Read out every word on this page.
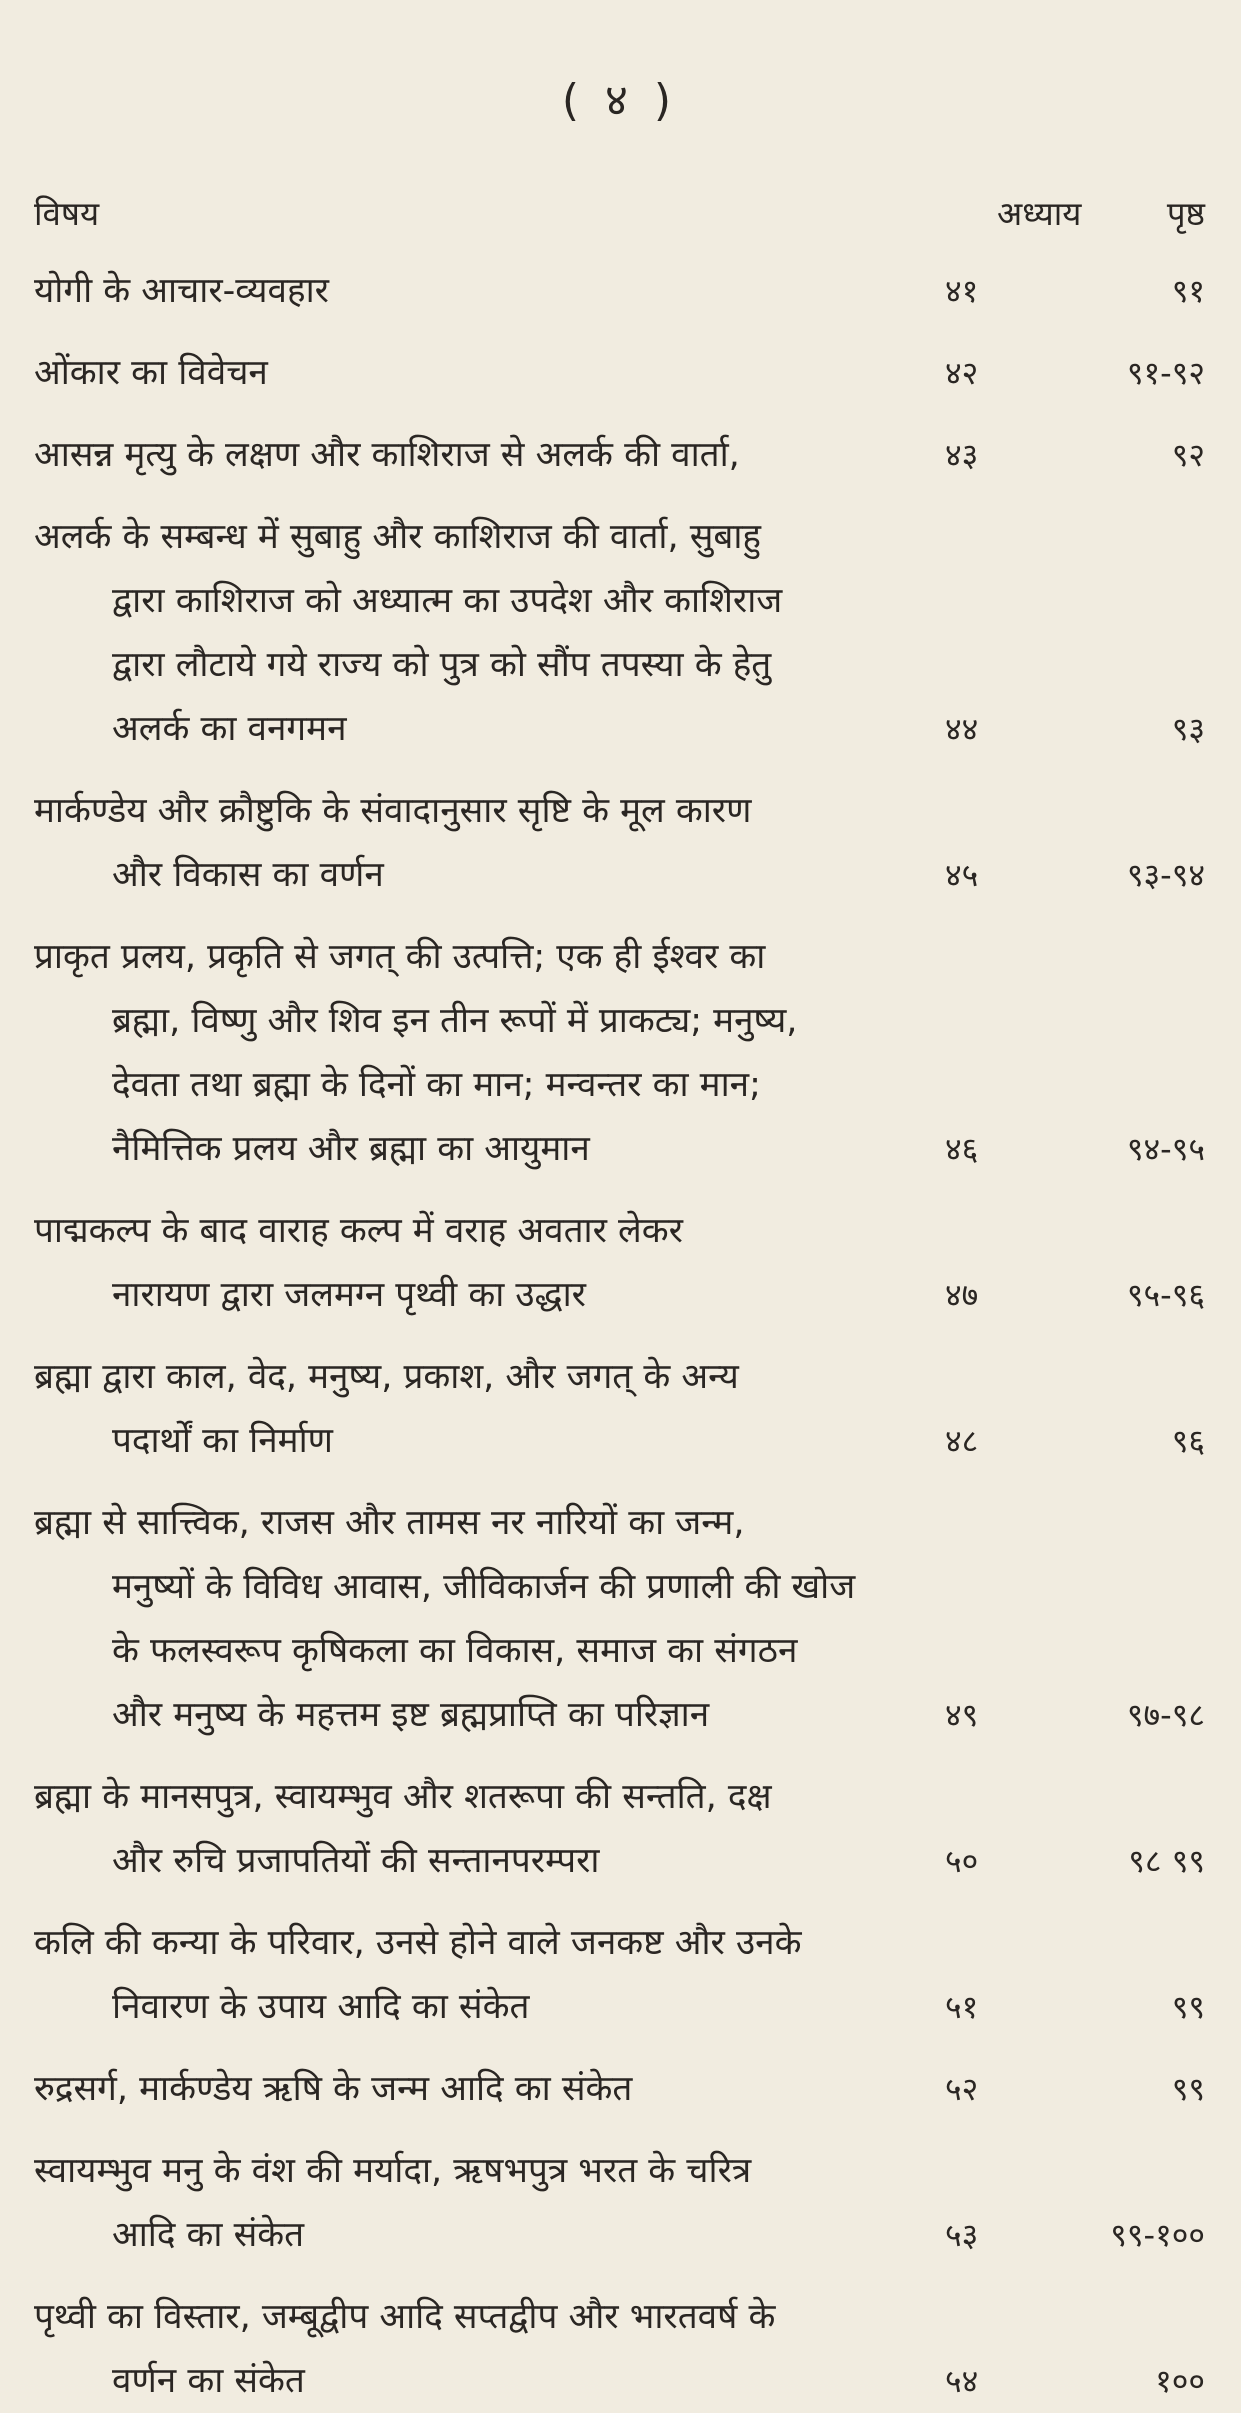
( ४ )
विषय	अध्याय	पृष्ठ
योगी के आचार-व्यवहार	४१	९१
ओंकार का विवेचन	४२	९१-९२
आसन्न मृत्यु के लक्षण और काशिराज से अलर्क की वार्ता,	४३	९२
अलर्क के सम्बन्ध में सुबाहु और काशिराज की वार्ता, सुबाहु
द्वारा काशिराज को अध्यात्म का उपदेश और काशिराज
द्वारा लौटाये गये राज्य को पुत्र को सौंप तपस्या के हेतु
अलर्क का वनगमन	४४	९३
मार्कण्डेय और क्रौष्टुकि के संवादानुसार सृष्टि के मूल कारण
और विकास का वर्णन	४५	९३-९४
प्राकृत प्रलय, प्रकृति से जगत् की उत्पत्ति; एक ही ईश्वर का
ब्रह्मा, विष्णु और शिव इन तीन रूपों में प्राकट्य; मनुष्य,
देवता तथा ब्रह्मा के दिनों का मान; मन्वन्तर का मान;
नैमित्तिक प्रलय और ब्रह्मा का आयुमान	४६	९४-९५
पाद्मकल्प के बाद वाराह कल्प में वराह अवतार लेकर
नारायण द्वारा जलमग्न पृथ्वी का उद्धार	४७	९५-९६
ब्रह्मा द्वारा काल, वेद, मनुष्य, प्रकाश, और जगत् के अन्य
पदार्थों का निर्माण	४८	९६
ब्रह्मा से सात्त्विक, राजस और तामस नर नारियों का जन्म,
मनुष्यों के विविध आवास, जीविकार्जन की प्रणाली की खोज
के फलस्वरूप कृषिकला का विकास, समाज का संगठन
और मनुष्य के महत्तम इष्ट ब्रह्मप्राप्ति का परिज्ञान	४९	९७-९८
ब्रह्मा के मानसपुत्र, स्वायम्भुव और शतरूपा की सन्तति, दक्ष
और रुचि प्रजापतियों की सन्तानपरम्परा	५०	९८ ९९
कलि की कन्या के परिवार, उनसे होने वाले जनकष्ट और उनके
निवारण के उपाय आदि का संकेत	५१	९९
रुद्रसर्ग, मार्कण्डेय ऋषि के जन्म आदि का संकेत	५२	९९
स्वायम्भुव मनु के वंश की मर्यादा, ऋषभपुत्र भरत के चरित्र
आदि का संकेत	५३	९९-१००
पृथ्वी का विस्तार, जम्बूद्वीप आदि सप्तद्वीप और भारतवर्ष के
वर्णन का संकेत	५४	१००
